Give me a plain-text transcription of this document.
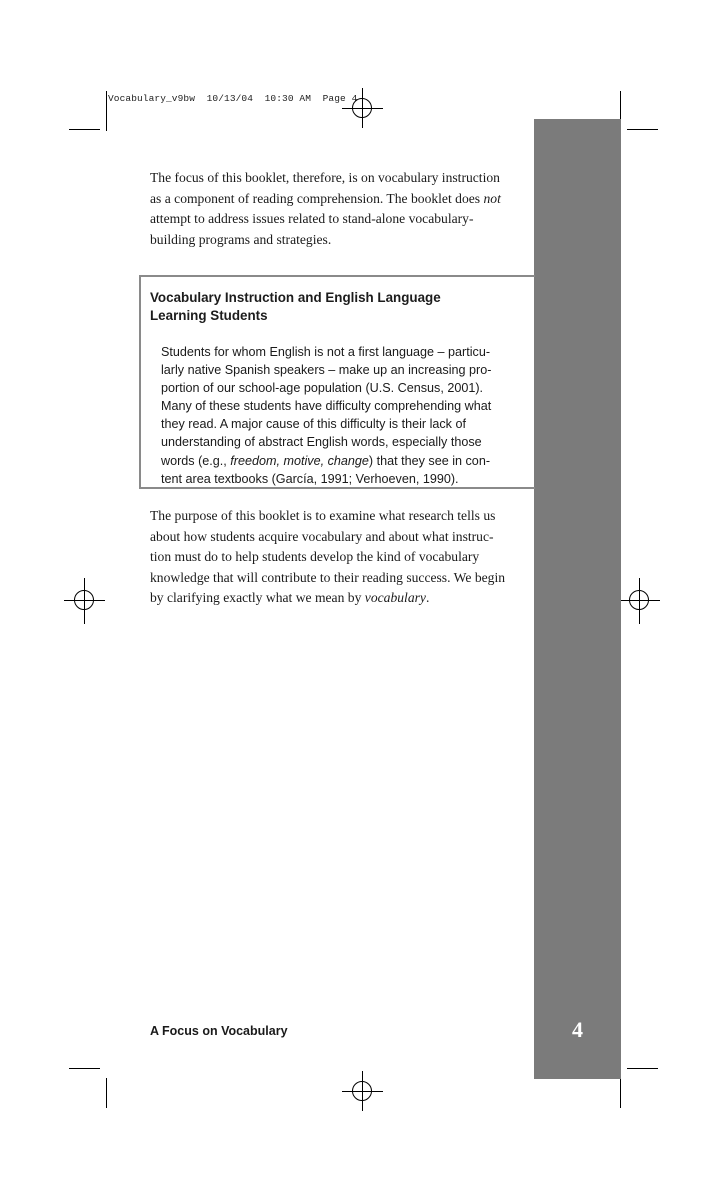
Vocabulary_v9bw  10/13/04  10:30 AM  Page 4

The focus of this booklet, therefore, is on vocabulary instruction
as a component of reading comprehension. The booklet does not
attempt to address issues related to stand-alone vocabulary-
building programs and strategies.

Vocabulary Instruction and English Language
Learning Students

Students for whom English is not a first language – particu-
larly native Spanish speakers – make up an increasing pro-
portion of our school-age population (U.S. Census, 2001).
Many of these students have difficulty comprehending what
they read. A major cause of this difficulty is their lack of
understanding of abstract English words, especially those
words (e.g., freedom, motive, change) that they see in con-
tent area textbooks (García, 1991; Verhoeven, 1990).

The purpose of this booklet is to examine what research tells us
about how students acquire vocabulary and about what instruc-
tion must do to help students develop the kind of vocabulary
knowledge that will contribute to their reading success. We begin
by clarifying exactly what we mean by vocabulary.

A Focus on Vocabulary	4
